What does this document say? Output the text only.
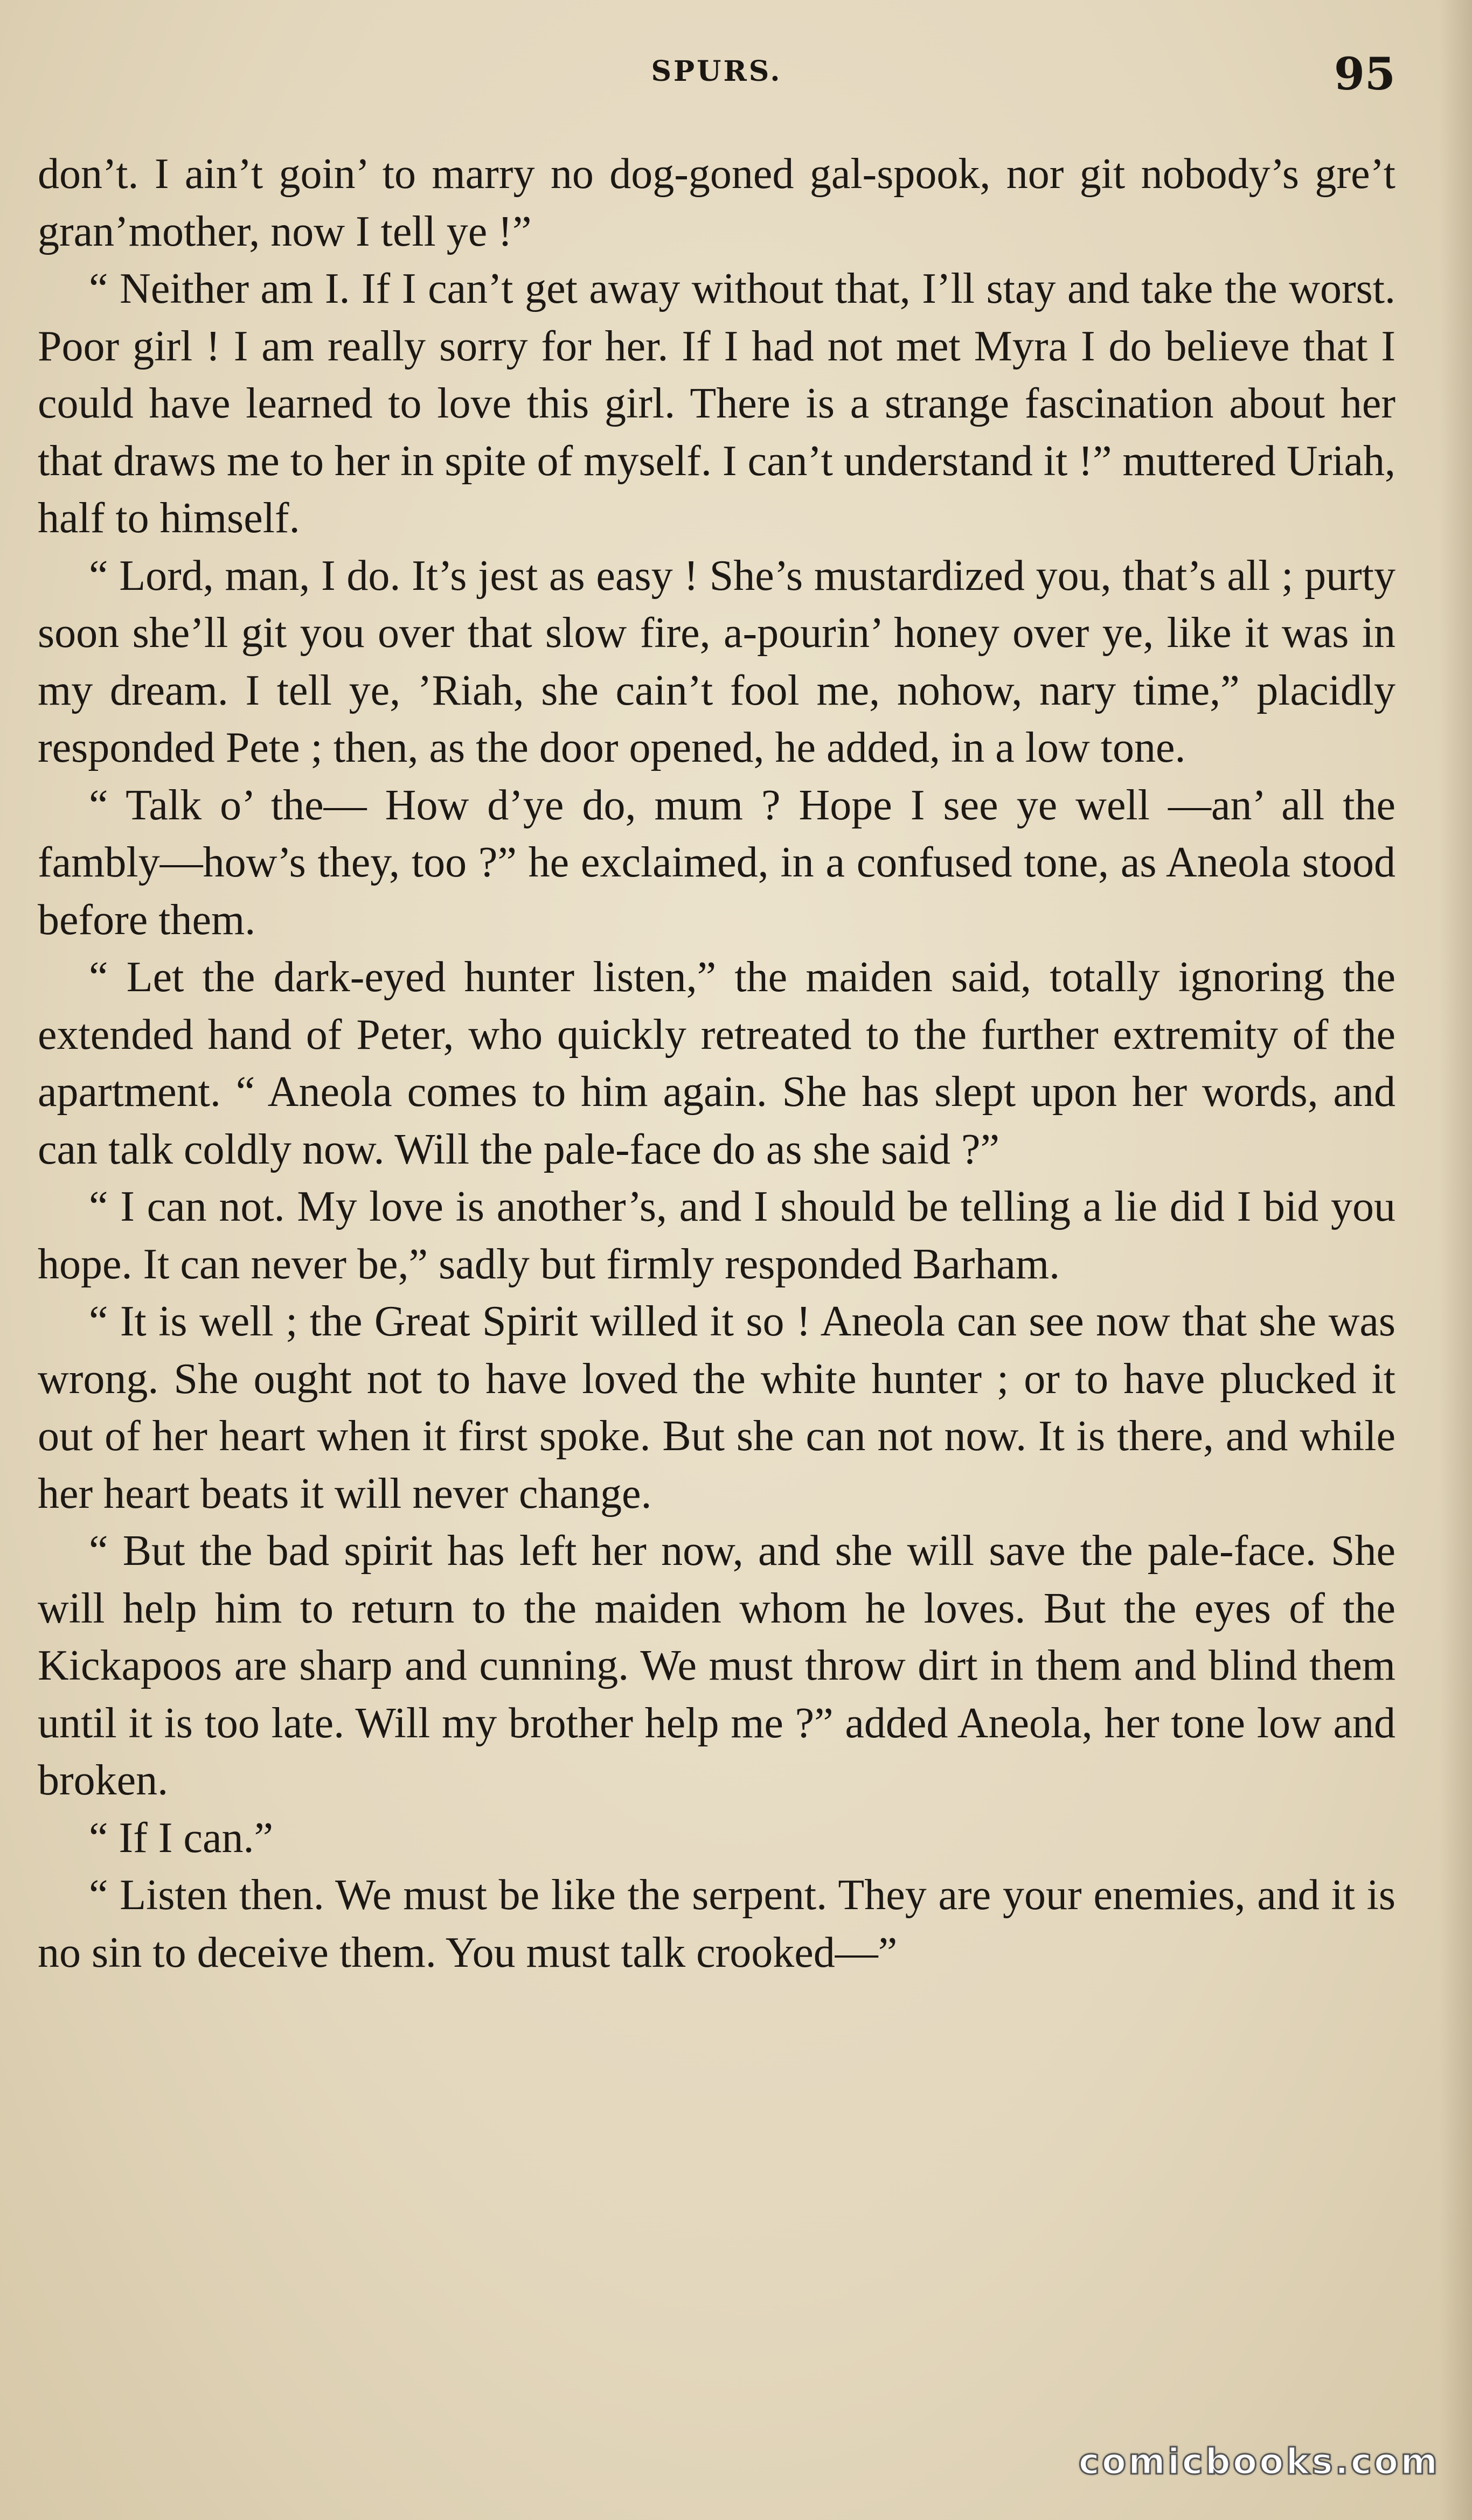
SPURS.	95

don’t. I ain’t goin’ to marry no dog-goned gal-spook, nor git nobody’s gre’t gran’mother, now I tell ye !”

“ Neither am I. If I can’t get away without that, I’ll stay and take the worst. Poor girl ! I am really sorry for her. If I had not met Myra I do believe that I could have learned to love this girl. There is a strange fascination about her that draws me to her in spite of myself. I can’t understand it !” muttered Uriah, half to himself.

“ Lord, man, I do. It’s jest as easy ! She’s mustardized you, that’s all ; purty soon she’ll git you over that slow fire, a-pourin’ honey over ye, like it was in my dream. I tell ye, ’Riah, she cain’t fool me, nohow, nary time,” placidly responded Pete ; then, as the door opened, he added, in a low tone.

“ Talk o’ the— How d’ye do, mum ? Hope I see ye well —an’ all the fambly—how’s they, too ?” he exclaimed, in a confused tone, as Aneola stood before them.

“ Let the dark-eyed hunter listen,” the maiden said, totally ignoring the extended hand of Peter, who quickly retreated to the further extremity of the apartment. “ Aneola comes to him again. She has slept upon her words, and can talk coldly now. Will the pale-face do as she said ?”

“ I can not. My love is another’s, and I should be telling a lie did I bid you hope. It can never be,” sadly but firmly responded Barham.

“ It is well ; the Great Spirit willed it so ! Aneola can see now that she was wrong. She ought not to have loved the white hunter ; or to have plucked it out of her heart when it first spoke. But she can not now. It is there, and while her heart beats it will never change.

“ But the bad spirit has left her now, and she will save the pale-face. She will help him to return to the maiden whom he loves. But the eyes of the Kickapoos are sharp and cunning. We must throw dirt in them and blind them until it is too late. Will my brother help me ?” added Aneola, her tone low and broken.

“ If I can.”

“ Listen then. We must be like the serpent. They are your enemies, and it is no sin to deceive them. You must talk crooked—”

comicbooks.com
